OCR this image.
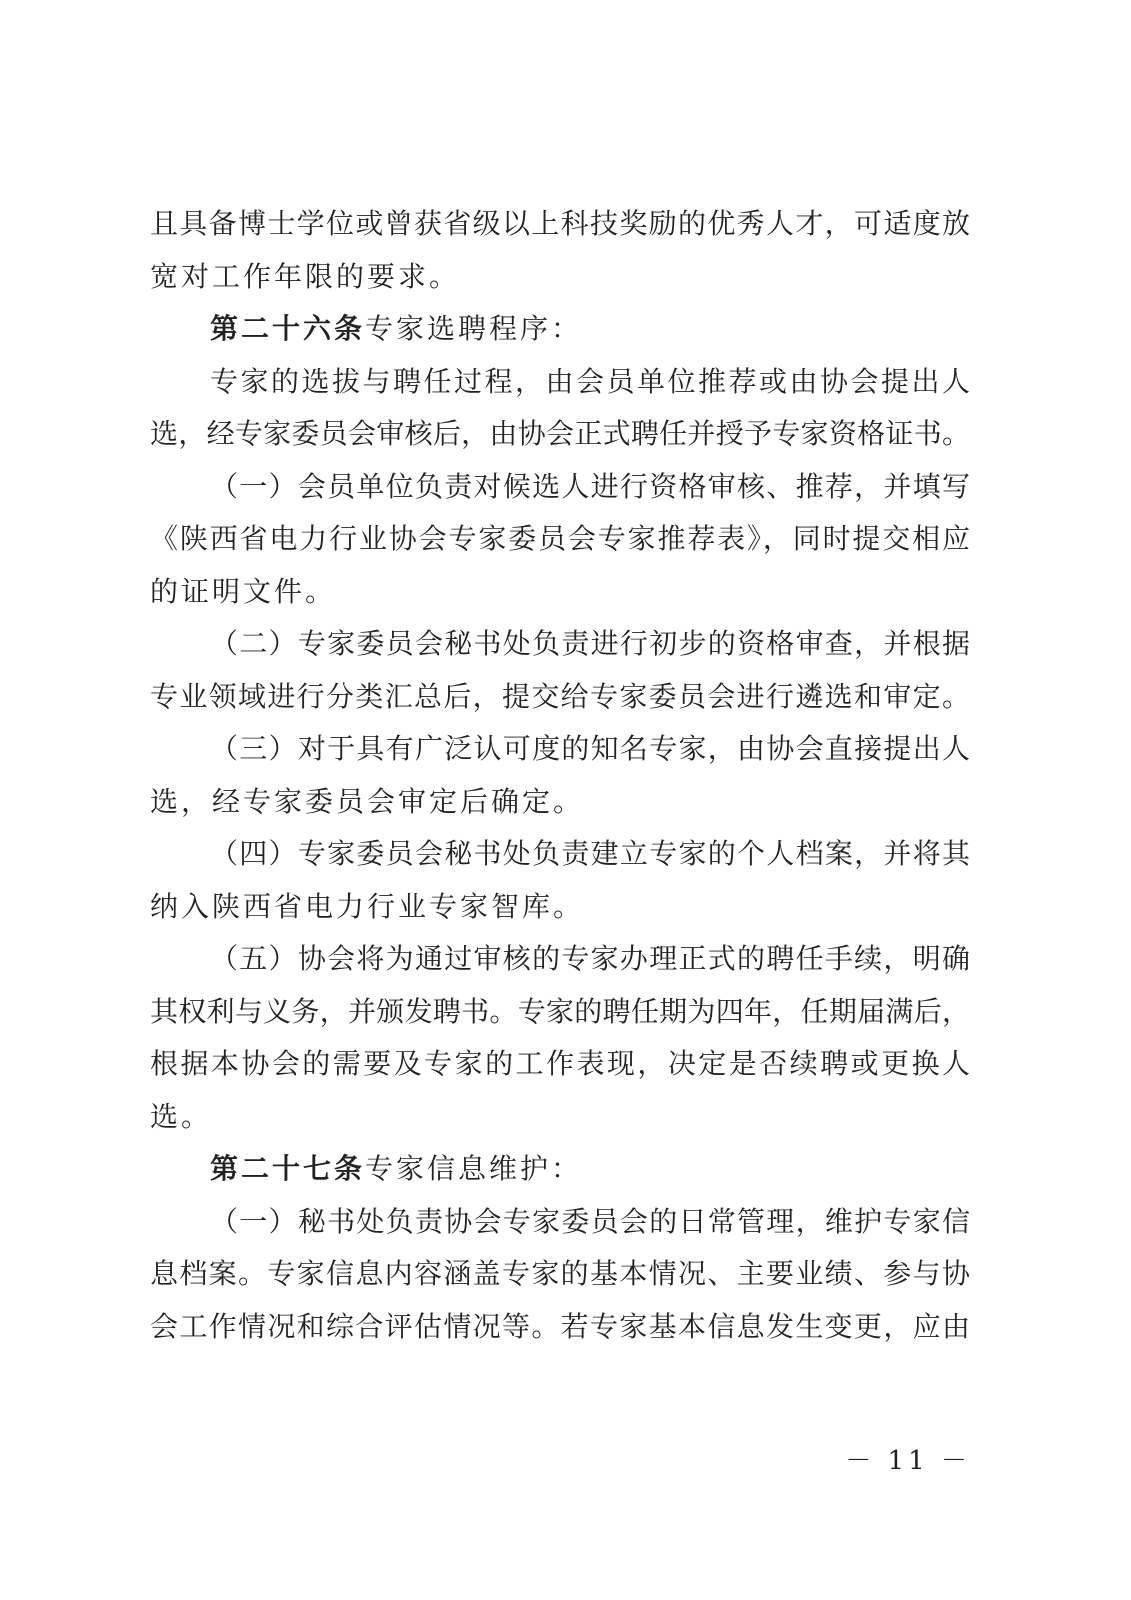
且具备博士学位或曾获省级以上科技奖励的优秀人才，可适度放
宽对工作年限的要求。
第二十六条专家选聘程序：
专家的选拔与聘任过程，由会员单位推荐或由协会提出人
选，经专家委员会审核后，由协会正式聘任并授予专家资格证书。
（一）会员单位负责对候选人进行资格审核、推荐，并填写
《陕西省电力行业协会专家委员会专家推荐表》，同时提交相应
的证明文件。
（二）专家委员会秘书处负责进行初步的资格审查，并根据
专业领域进行分类汇总后，提交给专家委员会进行遴选和审定。
（三）对于具有广泛认可度的知名专家，由协会直接提出人
选，经专家委员会审定后确定。
（四）专家委员会秘书处负责建立专家的个人档案，并将其
纳入陕西省电力行业专家智库。
（五）协会将为通过审核的专家办理正式的聘任手续，明确
其权利与义务，并颁发聘书。专家的聘任期为四年，任期届满后，
根据本协会的需要及专家的工作表现，决定是否续聘或更换人
选。
第二十七条专家信息维护：
（一）秘书处负责协会专家委员会的日常管理，维护专家信
息档案。专家信息内容涵盖专家的基本情况、主要业绩、参与协
会工作情况和综合评估情况等。若专家基本信息发生变更，应由
－ 11 －
